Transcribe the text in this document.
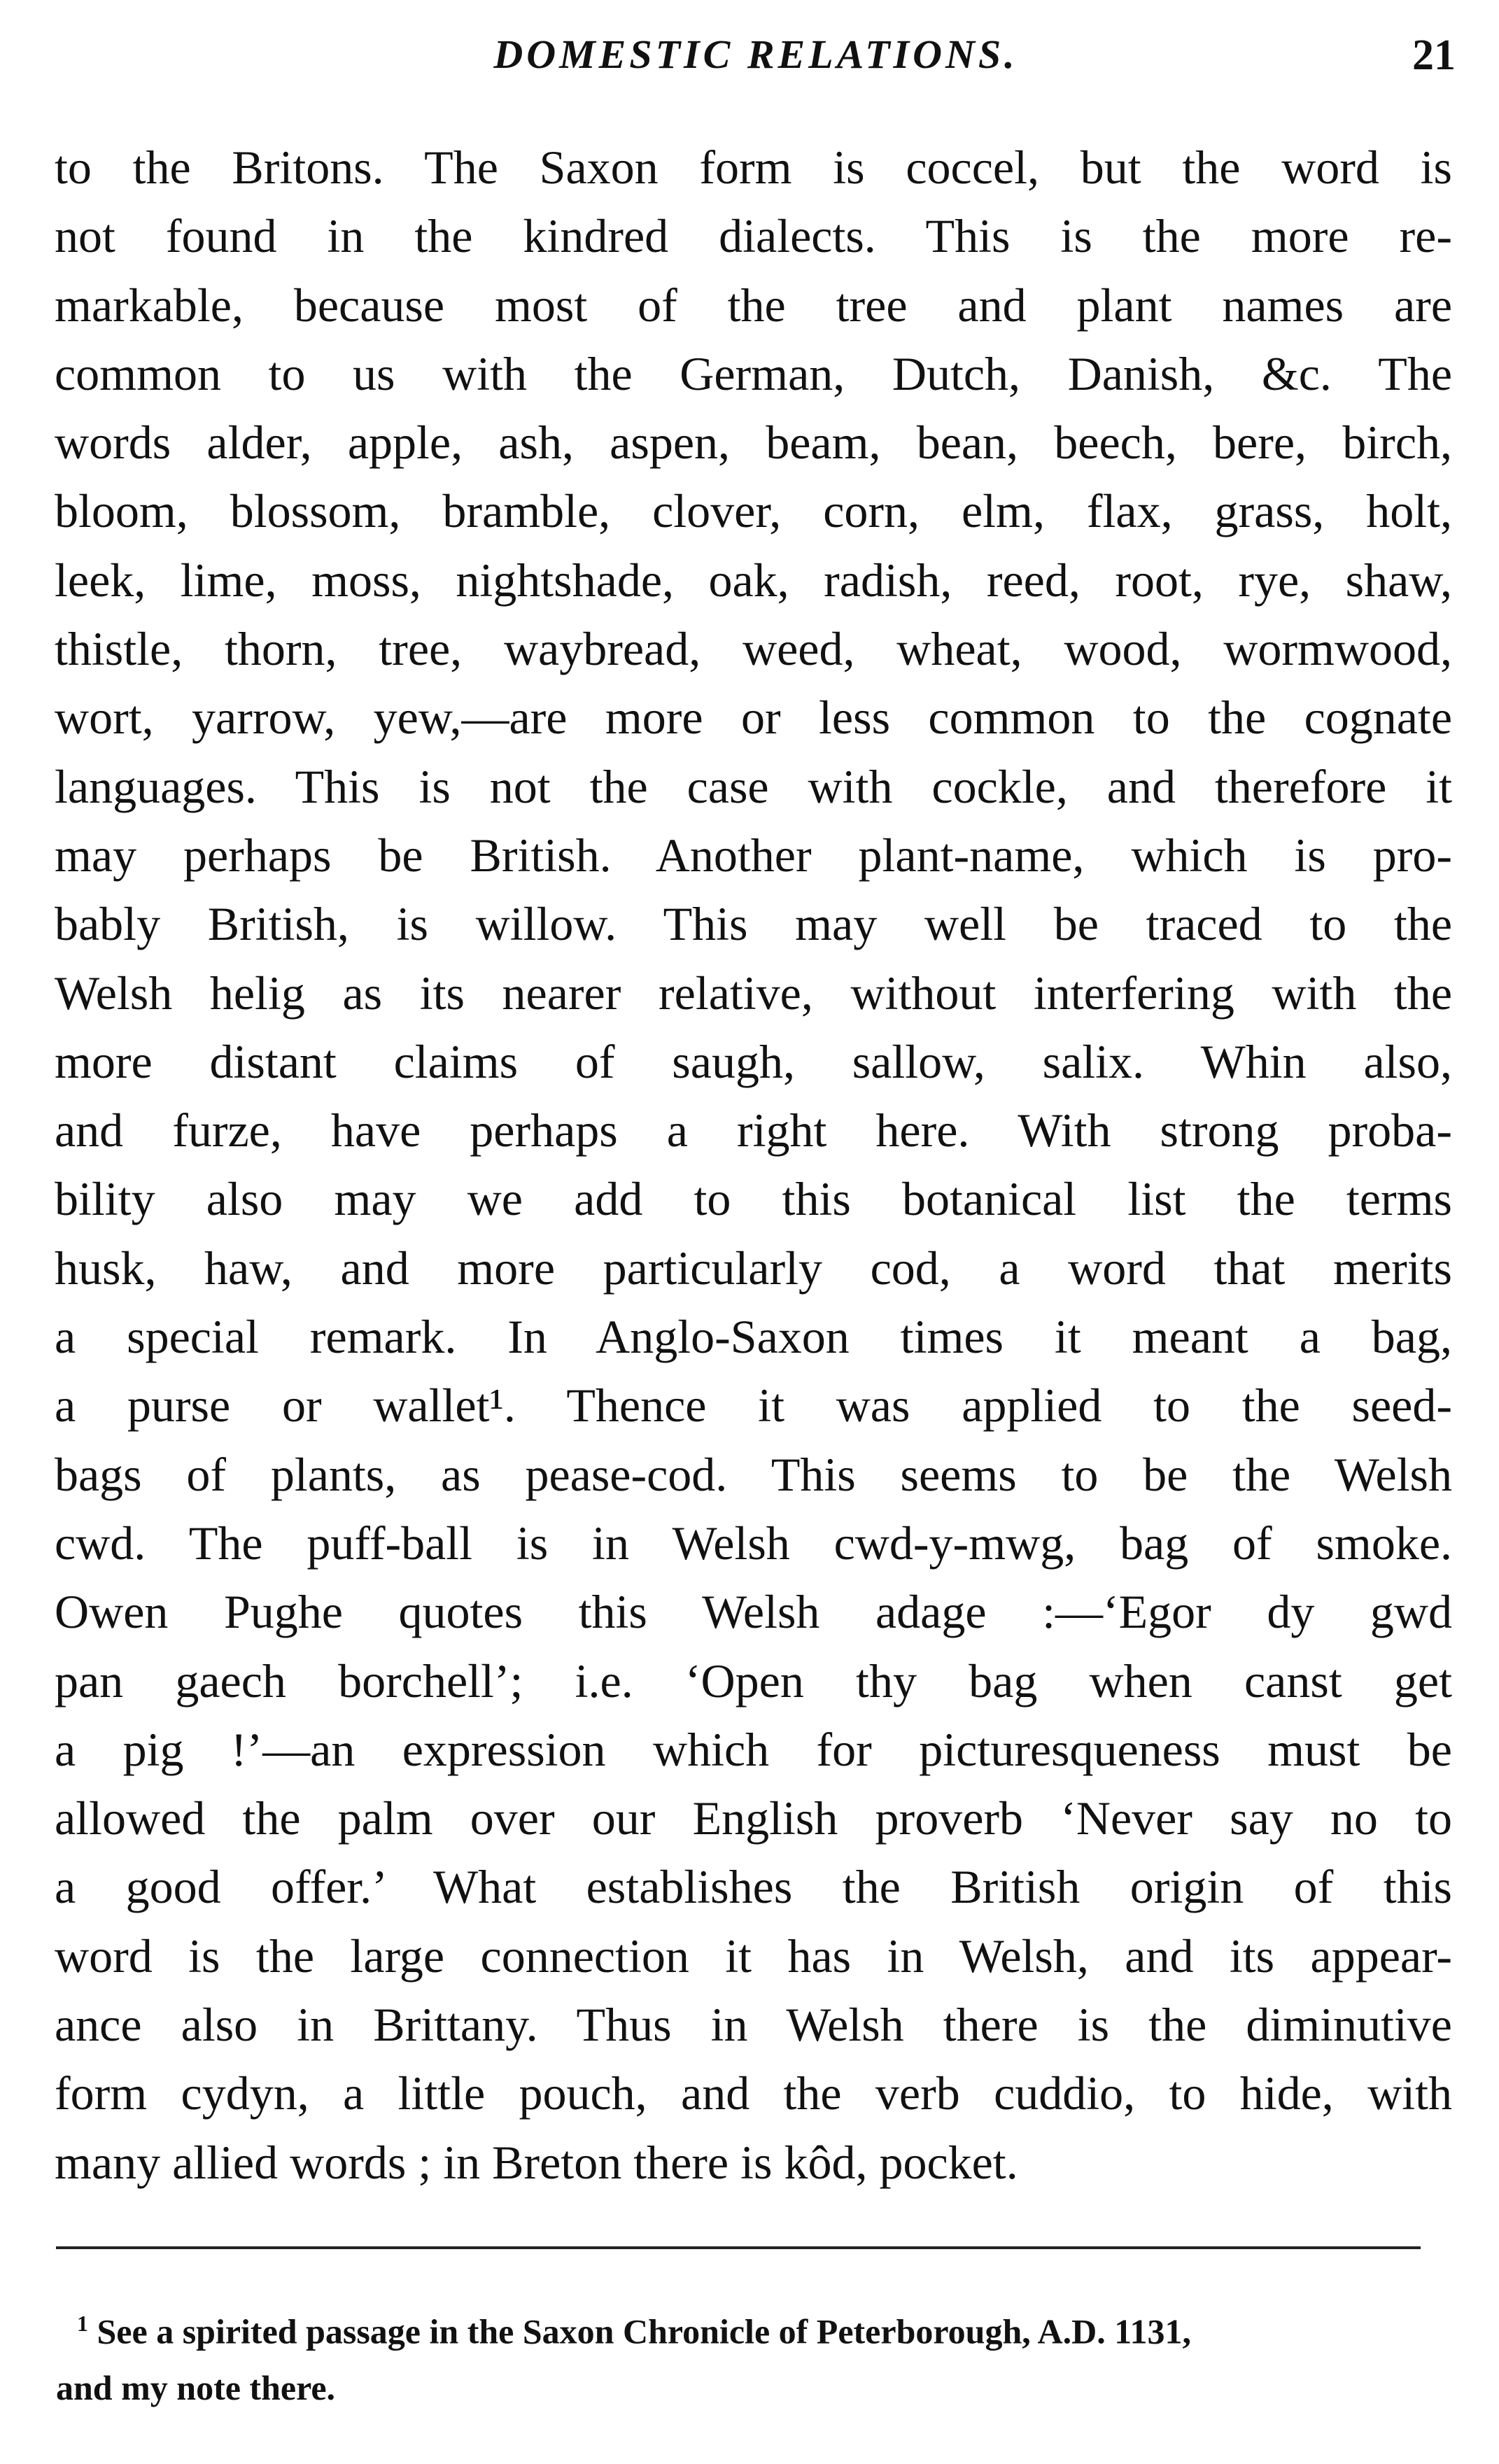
DOMESTIC RELATIONS.	21
to the Britons. The Saxon form is coccel, but the word is
not found in the kindred dialects. This is the more re-
markable, because most of the tree and plant names are
common to us with the German, Dutch, Danish, &c. The
words alder, apple, ash, aspen, beam, bean, beech, bere, birch,
bloom, blossom, bramble, clover, corn, elm, flax, grass, holt,
leek, lime, moss, nightshade, oak, radish, reed, root, rye, shaw,
thistle, thorn, tree, waybread, weed, wheat, wood, wormwood,
wort, yarrow, yew,—are more or less common to the cognate
languages. This is not the case with cockle, and therefore it
may perhaps be British. Another plant-name, which is pro-
bably British, is willow. This may well be traced to the
Welsh helig as its nearer relative, without interfering with the
more distant claims of saugh, sallow, salix. Whin also,
and furze, have perhaps a right here. With strong proba-
bility also may we add to this botanical list the terms
husk, haw, and more particularly cod, a word that merits
a special remark. In Anglo-Saxon times it meant a bag,
a purse or wallet¹. Thence it was applied to the seed-
bags of plants, as pease-cod. This seems to be the Welsh
cwd. The puff-ball is in Welsh cwd-y-mwg, bag of smoke.
Owen Pughe quotes this Welsh adage :—‘Egor dy gwd
pan gaech borchell’; i.e. ‘Open thy bag when canst get
a pig !’—an expression which for picturesqueness must be
allowed the palm over our English proverb ‘Never say no to
a good offer.’ What establishes the British origin of this
word is the large connection it has in Welsh, and its appear-
ance also in Brittany. Thus in Welsh there is the diminutive
form cydyn, a little pouch, and the verb cuddio, to hide, with
many allied words ; in Breton there is kôd, pocket.
$^1$ See a spirited passage in the Saxon Chronicle of Peterborough, A.D. 1131,
and my note there.
